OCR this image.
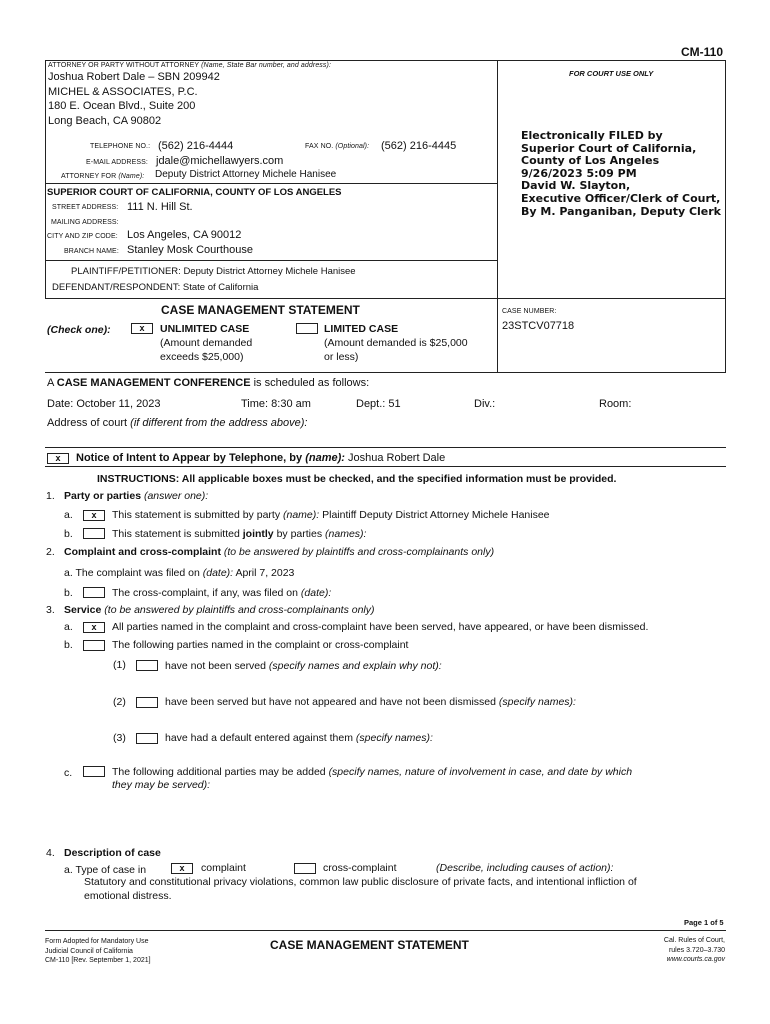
CM-110
ATTORNEY OR PARTY WITHOUT ATTORNEY (Name, State Bar number, and address):
Joshua Robert Dale – SBN 209942
MICHEL & ASSOCIATES, P.C.
180 E. Ocean Blvd., Suite 200
Long Beach, CA 90802
TELEPHONE NO.: (562) 216-4444	FAX NO. (Optional): (562) 216-4445
E-MAIL ADDRESS: jdale@michellawyers.com
ATTORNEY FOR (Name): Deputy District Attorney Michele Hanisee
FOR COURT USE ONLY
Electronically FILED by
Superior Court of California,
County of Los Angeles
9/26/2023 5:09 PM
David W. Slayton,
Executive Officer/Clerk of Court,
By M. Panganiban, Deputy Clerk
SUPERIOR COURT OF CALIFORNIA, COUNTY OF LOS ANGELES
STREET ADDRESS: 111 N. Hill St.
MAILING ADDRESS:
CITY AND ZIP CODE: Los Angeles, CA 90012
BRANCH NAME: Stanley Mosk Courthouse
PLAINTIFF/PETITIONER: Deputy District Attorney Michele Hanisee
DEFENDANT/RESPONDENT: State of California
CASE MANAGEMENT STATEMENT
(Check one):	x	UNLIMITED CASE
(Amount demanded
exceeds $25,000)
LIMITED CASE
(Amount demanded is $25,000
or less)
CASE NUMBER:
23STCV07718
A CASE MANAGEMENT CONFERENCE is scheduled as follows:
Date: October 11, 2023	Time: 8:30 am	Dept.: 51	Div.:	Room:
Address of court (if different from the address above):
x	Notice of Intent to Appear by Telephone, by (name): Joshua Robert Dale
INSTRUCTIONS: All applicable boxes must be checked, and the specified information must be provided.
1. Party or parties (answer one):
a.	x	This statement is submitted by party (name): Plaintiff Deputy District Attorney Michele Hanisee
b.	This statement is submitted jointly by parties (names):
2. Complaint and cross-complaint (to be answered by plaintiffs and cross-complainants only)
a. The complaint was filed on (date): April 7, 2023
b.	The cross-complaint, if any, was filed on (date):
3. Service (to be answered by plaintiffs and cross-complainants only)
a.	x	All parties named in the complaint and cross-complaint have been served, have appeared, or have been dismissed.
b.	The following parties named in the complaint or cross-complaint
(1)	have not been served (specify names and explain why not):
(2)	have been served but have not appeared and have not been dismissed (specify names):
(3)	have had a default entered against them (specify names):
c.	The following additional parties may be added (specify names, nature of involvement in case, and date by which
they may be served):
4. Description of case
a. Type of case in	x	complaint	cross-complaint	(Describe, including causes of action):
Statutory and constitutional privacy violations, common law public disclosure of private facts, and intentional infliction of
emotional distress.
Page 1 of 5
Form Adopted for Mandatory Use
Judicial Council of California
CM-110 [Rev. September 1, 2021]
CASE MANAGEMENT STATEMENT	Cal. Rules of Court,
rules 3.720–3.730
www.courts.ca.gov
